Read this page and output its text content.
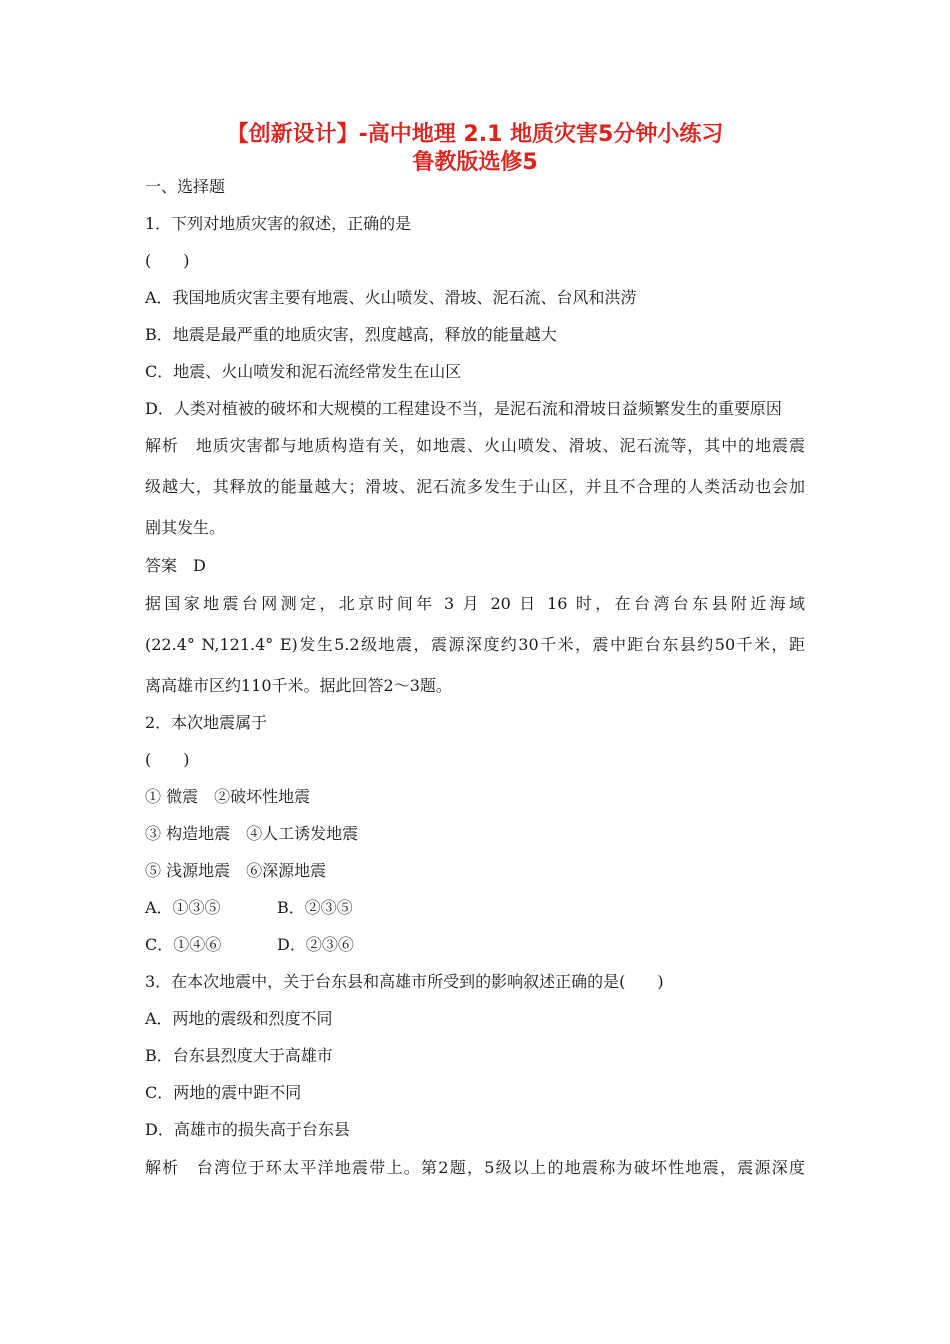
【创新设计】-高中地理 2.1 地质灾害5分钟小练习
鲁教版选修5
一、选择题
1．下列对地质灾害的叙述，正确的是
(　　)
A．我国地质灾害主要有地震、火山喷发、滑坡、泥石流、台风和洪涝
B．地震是最严重的地质灾害，烈度越高，释放的能量越大
C．地震、火山喷发和泥石流经常发生在山区
D．人类对植被的破坏和大规模的工程建设不当，是泥石流和滑坡日益频繁发生的重要原因
解析　地质灾害都与地质构造有关，如地震、火山喷发、滑坡、泥石流等，其中的地震震
级越大，其释放的能量越大；滑坡、泥石流多发生于山区，并且不合理的人类活动也会加
剧其发生。
答案　D
据国家地震台网测定，北京时间年 3 月 20 日 16 时，在台湾台东县附近海域
(22.4° N,121.4° E)发生5.2级地震，震源深度约30千米，震中距台东县约50千米，距
离高雄市区约110千米。据此回答2～3题。
2．本次地震属于
(　　)
① 微震　②破坏性地震
③ 构造地震　④人工诱发地震
⑤ 浅源地震　⑥深源地震
A．①③⑤	B．②③⑤
C．①④⑥	D．②③⑥
3．在本次地震中，关于台东县和高雄市所受到的影响叙述正确的是(　　)
A．两地的震级和烈度不同
B．台东县烈度大于高雄市
C．两地的震中距不同
D．高雄市的损失高于台东县
解析　台湾位于环太平洋地震带上。第2题，5级以上的地震称为破坏性地震，震源深度
